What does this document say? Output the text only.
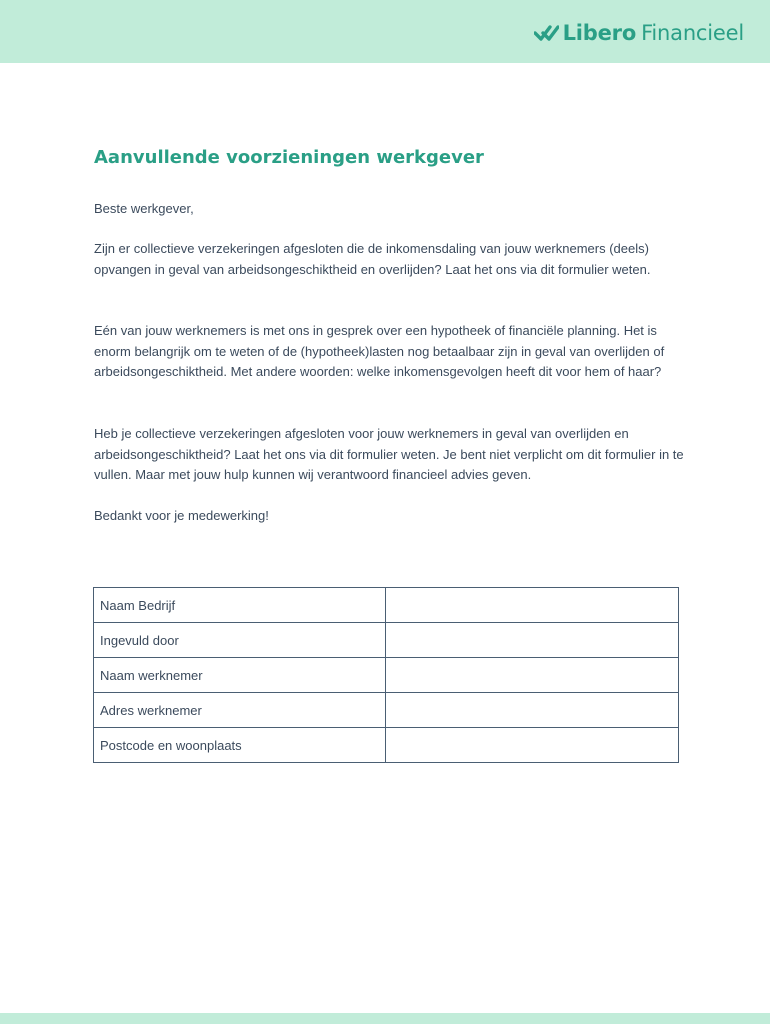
Libero Financieel
Aanvullende voorzieningen werkgever

Beste werkgever,

Zijn er collectieve verzekeringen afgesloten die de inkomensdaling van jouw werknemers (deels) opvangen in geval van arbeidsongeschiktheid en overlijden? Laat het ons via dit formulier weten.

Eén van jouw werknemers is met ons in gesprek over een hypotheek of financiële planning. Het is enorm belangrijk om te weten of de (hypotheek)lasten nog betaalbaar zijn in geval van overlijden of arbeidsongeschiktheid. Met andere woorden: welke inkomensgevolgen heeft dit voor hem of haar?

Heb je collectieve verzekeringen afgesloten voor jouw werknemers in geval van overlijden en arbeidsongeschiktheid? Laat het ons via dit formulier weten. Je bent niet verplicht om dit formulier in te vullen. Maar met jouw hulp kunnen wij verantwoord financieel advies geven.

Bedankt voor je medewerking!

Naam Bedrijf	
Ingevuld door	
Naam werknemer	
Adres werknemer	
Postcode en woonplaats	
